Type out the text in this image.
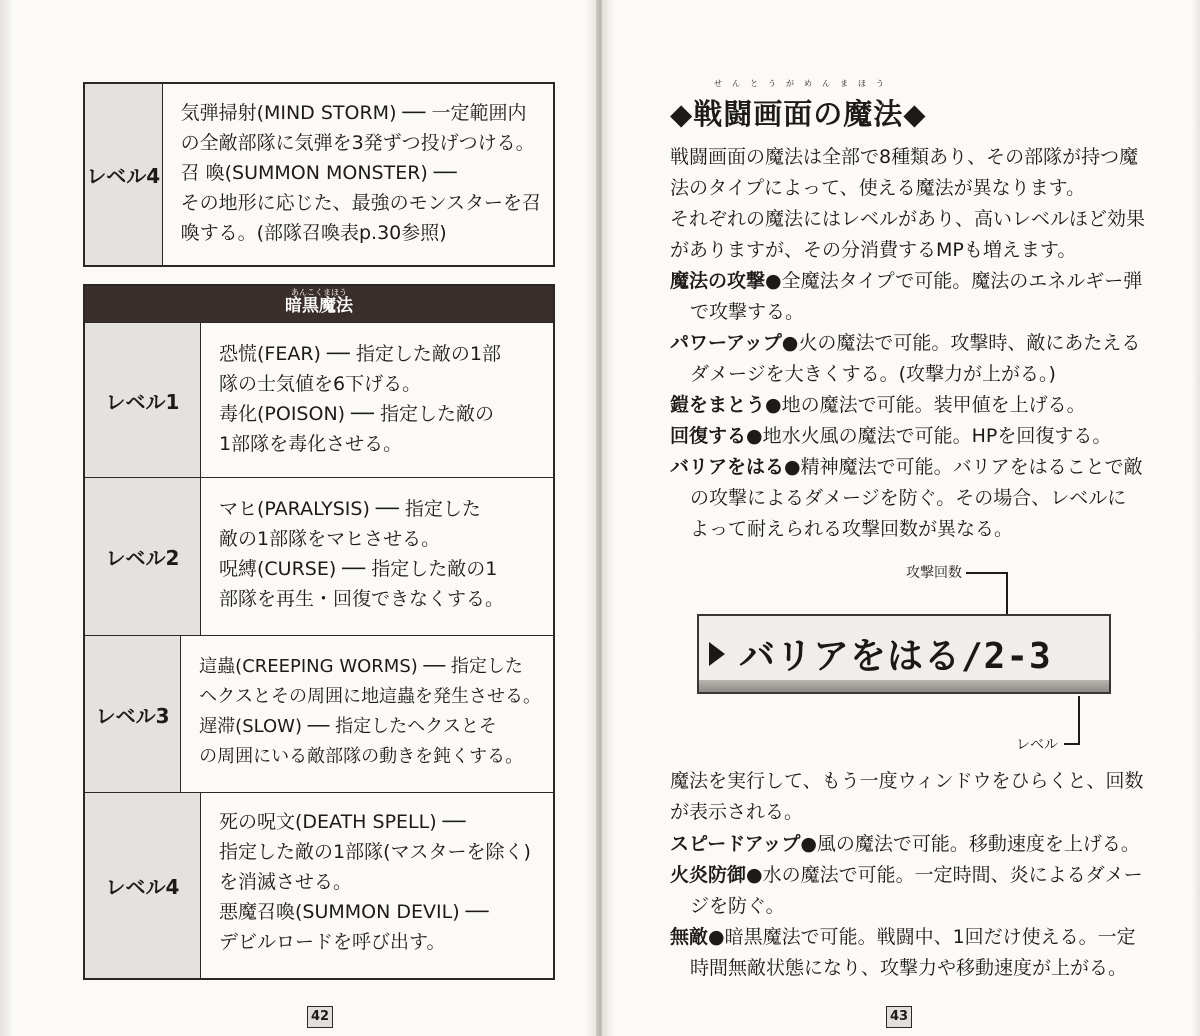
レベル4
気弾掃射(MIND STORM) ── 一定範囲内
の全敵部隊に気弾を3発ずつ投げつける。
召 喚(SUMMON MONSTER) ──
その地形に応じた、最強のモンスターを召
喚する。(部隊召喚表p.30参照)
あんこくまほう
暗黒魔法
レベル1
恐慌(FEAR) ── 指定した敵の1部
隊の士気値を6下げる。
毒化(POISON) ── 指定した敵の
1部隊を毒化させる。
レベル2
マヒ(PARALYSIS) ── 指定した
敵の1部隊をマヒさせる。
呪縛(CURSE) ── 指定した敵の1
部隊を再生・回復できなくする。
レベル3
這蟲(CREEPING WORMS) ── 指定した
ヘクスとその周囲に地這蟲を発生させる。
遅滞(SLOW) ── 指定したヘクスとそ
の周囲にいる敵部隊の動きを鈍くする。
レベル4
死の呪文(DEATH SPELL) ──
指定した敵の1部隊(マスターを除く)
を消滅させる。
悪魔召喚(SUMMON DEVIL) ──
デビルロードを呼び出す。
42
せんとうがめんまほう
◆戦闘画面の魔法◆
戦闘画面の魔法は全部で8種類あり、その部隊が持つ魔
法のタイプによって、使える魔法が異なります。
それぞれの魔法にはレベルがあり、高いレベルほど効果
がありますが、その分消費するMPも増えます。
魔法の攻撃●全魔法タイプで可能。魔法のエネルギー弾
で攻撃する。
パワーアップ●火の魔法で可能。攻撃時、敵にあたえる
ダメージを大きくする。(攻撃力が上がる。)
鎧をまとう●地の魔法で可能。装甲値を上げる。
回復する●地水火風の魔法で可能。HPを回復する。
バリアをはる●精神魔法で可能。バリアをはることで敵
の攻撃によるダメージを防ぐ。その場合、レベルに
よって耐えられる攻撃回数が異なる。
攻撃回数
バリアをはる/2-3
レベル
魔法を実行して、もう一度ウィンドウをひらくと、回数
が表示される。
スピードアップ●風の魔法で可能。移動速度を上げる。
火炎防御●水の魔法で可能。一定時間、炎によるダメー
ジを防ぐ。
無敵●暗黒魔法で可能。戦闘中、1回だけ使える。一定
時間無敵状態になり、攻撃力や移動速度が上がる。
43
